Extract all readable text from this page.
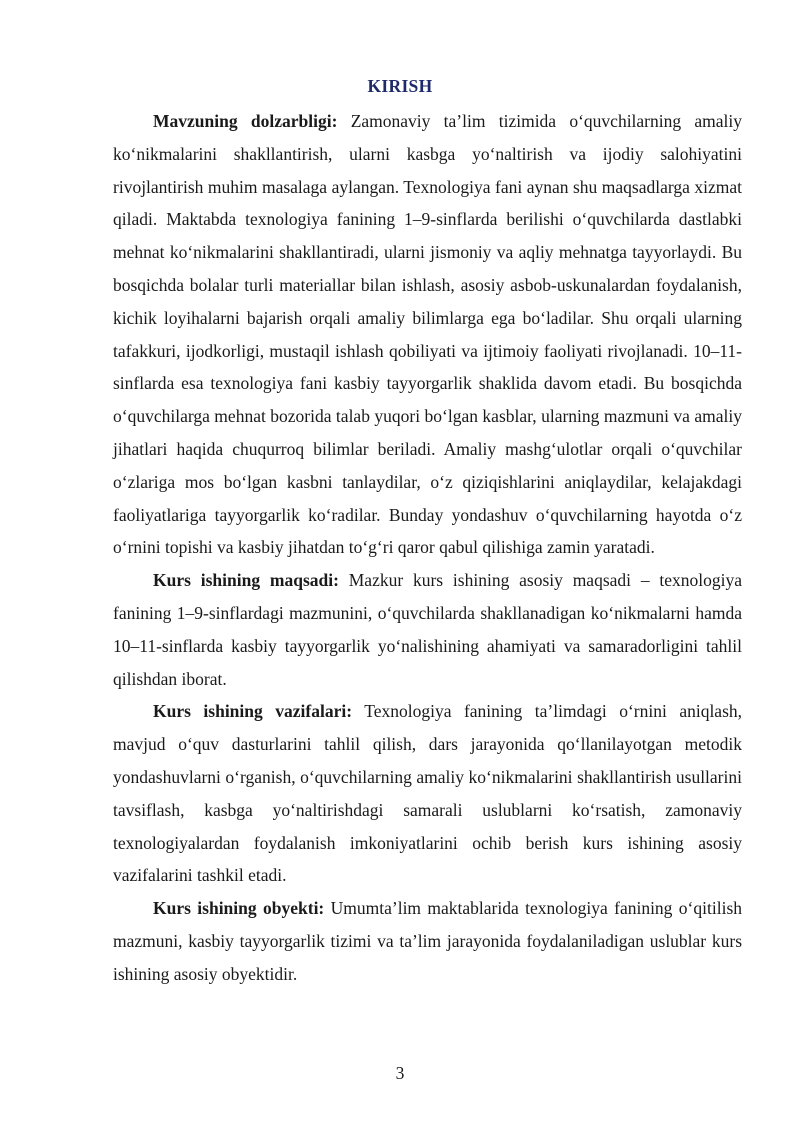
KIRISH

Mavzuning dolzarbligi: Zamonaviy ta’lim tizimida o‘quvchilarning amaliy ko‘nikmalarini shakllantirish, ularni kasbga yo‘naltirish va ijodiy salohiyatini rivojlantirish muhim masalaga aylangan. Texnologiya fani aynan shu maqsadlarga xizmat qiladi. Maktabda texnologiya fanining 1–9-sinflarda berilishi o‘quvchilarda dastlabki mehnat ko‘nikmalarini shakllantiradi, ularni jismoniy va aqliy mehnatga tayyorlaydi. Bu bosqichda bolalar turli materiallar bilan ishlash, asosiy asbob-uskunalardan foydalanish, kichik loyihalarni bajarish orqali amaliy bilimlarga ega bo‘ladilar. Shu orqali ularning tafakkuri, ijodkorligi, mustaqil ishlash qobiliyati va ijtimoiy faoliyati rivojlanadi. 10–11-sinflarda esa texnologiya fani kasbiy tayyorgarlik shaklida davom etadi. Bu bosqichda o‘quvchilarga mehnat bozorida talab yuqori bo‘lgan kasblar, ularning mazmuni va amaliy jihatlari haqida chuqurroq bilimlar beriladi. Amaliy mashg‘ulotlar orqali o‘quvchilar o‘zlariga mos bo‘lgan kasbni tanlaydilar, o‘z qiziqishlarini aniqlaydilar, kelajakdagi faoliyatlariga tayyorgarlik ko‘radilar. Bunday yondashuv o‘quvchilarning hayotda o‘z o‘rnini topishi va kasbiy jihatdan to‘g‘ri qaror qabul qilishiga zamin yaratadi.

Kurs ishining maqsadi: Mazkur kurs ishining asosiy maqsadi – texnologiya fanining 1–9-sinflardagi mazmunini, o‘quvchilarda shakllanadigan ko‘nikmalarni hamda 10–11-sinflarda kasbiy tayyorgarlik yo‘nalishining ahamiyati va samaradorligini tahlil qilishdan iborat.

Kurs ishining vazifalari: Texnologiya fanining ta’limdagi o‘rnini aniqlash, mavjud o‘quv dasturlarini tahlil qilish, dars jarayonida qo‘llanilayotgan metodik yondashuvlarni o‘rganish, o‘quvchilarning amaliy ko‘nikmalarini shakllantirish usullarini tavsiflash, kasbga yo‘naltirishdagi samarali uslublarni ko‘rsatish, zamonaviy texnologiyalardan foydalanish imkoniyatlarini ochib berish kurs ishining asosiy vazifalarini tashkil etadi.

Kurs ishining obyekti: Umumta’lim maktablarida texnologiya fanining o‘qitilish mazmuni, kasbiy tayyorgarlik tizimi va ta’lim jarayonida foydalaniladigan uslublar kurs ishining asosiy obyektidir.

3
